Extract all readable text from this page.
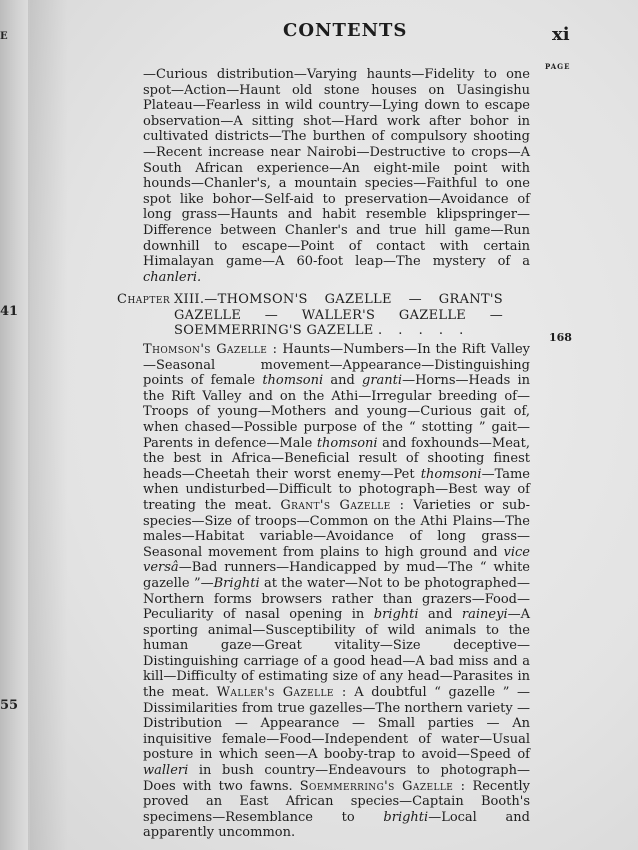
E
41
55
CONTENTS	xi
PAGE

—Curious distribution—Varying haunts—Fidelity to one spot—Action—Haunt old stone houses on Uasingishu Plateau—Fearless in wild country—Lying down to escape observation—A sitting shot—Hard work after bohor in cultivated districts—The burthen of compulsory shooting—Recent increase near Nairobi—Destructive to crops—A South African experience—An eight-mile point with hounds—Chanler's, a mountain species—Faithful to one spot like bohor—Self-aid to preservation—Avoidance of long grass—Haunts and habit resemble klipspringer—Difference between Chanler's and true hill game—Run downhill to escape—Point of contact with certain Himalayan game—A 60-foot leap—The mystery of a chanleri.

Chapter XIII.—THOMSON'S GAZELLE — GRANT'S GAZELLE — WALLER'S GAZELLE — SOEMMERRING'S GAZELLE . . . . .	168

Thomson's Gazelle : Haunts—Numbers—In the Rift Valley—Seasonal movement—Appearance—Distinguishing points of female thomsoni and granti—Horns—Heads in the Rift Valley and on the Athi—Irregular breeding of—Troops of young—Mothers and young—Curious gait of, when chased—Possible purpose of the “ stotting ” gait—Parents in defence—Male thomsoni and foxhounds—Meat, the best in Africa—Beneficial result of shooting finest heads—Cheetah their worst enemy—Pet thomsoni—Tame when undisturbed—Difficult to photograph—Best way of treating the meat. Grant's Gazelle : Varieties or sub-species—Size of troops—Common on the Athi Plains—The males—Habitat variable—Avoidance of long grass—Seasonal movement from plains to high ground and vice versâ—Bad runners—Handicapped by mud—The “ white gazelle ”—Brighti at the water—Not to be photographed—Northern forms browsers rather than grazers—Food—Peculiarity of nasal opening in brighti and raineyi—A sporting animal—Susceptibility of wild animals to the human gaze—Great vitality—Size deceptive—Distinguishing carriage of a good head—A bad miss and a kill—Difficulty of estimating size of any head—Parasites in the meat. Waller's Gazelle : A doubtful “ gazelle ” —Dissimilarities from true gazelles—The northern variety —Distribution — Appearance — Small parties — An inquisitive female—Food—Independent of water—Usual posture in which seen—A booby-trap to avoid—Speed of walleri in bush country—Endeavours to photograph—Does with two fawns. Soemmerring's Gazelle : Recently proved an East African species—Captain Booth's specimens—Resemblance to brighti—Local and apparently uncommon.
